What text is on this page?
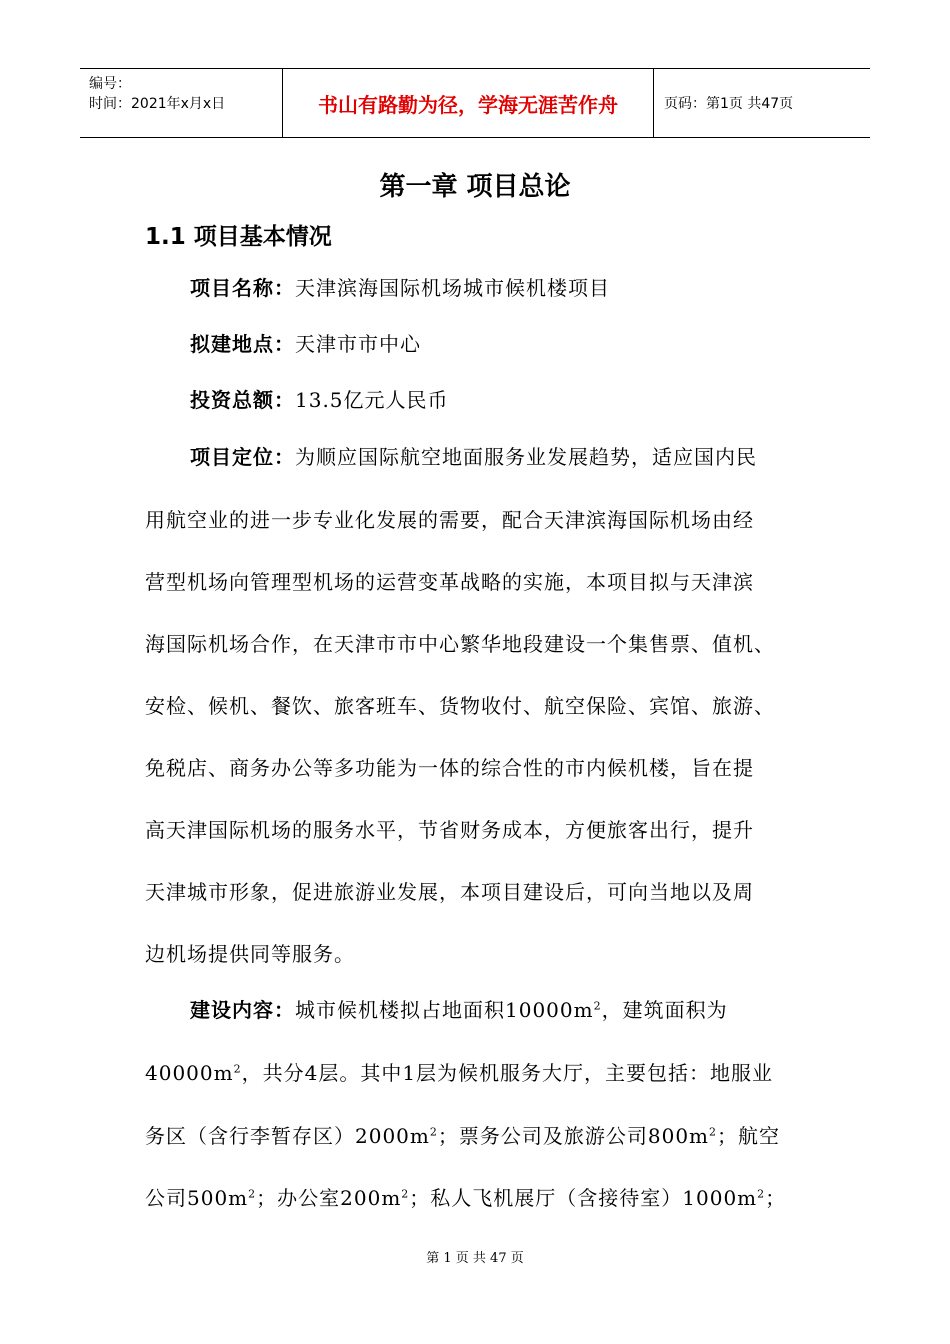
编号：
时间：2021年x月x日	书山有路勤为径，学海无涯苦作舟	页码：第1页 共47页
第一章 项目总论
1.1 项目基本情况
项目名称：天津滨海国际机场城市候机楼项目
拟建地点：天津市市中心
投资总额：13.5亿元人民币
项目定位：为顺应国际航空地面服务业发展趋势，适应国内民
用航空业的进一步专业化发展的需要，配合天津滨海国际机场由经
营型机场向管理型机场的运营变革战略的实施，本项目拟与天津滨
海国际机场合作，在天津市市中心繁华地段建设一个集售票、值机、
安检、候机、餐饮、旅客班车、货物收付、航空保险、宾馆、旅游、
免税店、商务办公等多功能为一体的综合性的市内候机楼，旨在提
高天津国际机场的服务水平，节省财务成本，方便旅客出行，提升
天津城市形象，促进旅游业发展，本项目建设后，可向当地以及周
边机场提供同等服务。
建设内容：城市候机楼拟占地面积$10000m^2$，建筑面积为
$40000m^2$，共分4层。其中1层为候机服务大厅，主要包括：地服业
务区（含行李暂存区）$2000m^2$；票务公司及旅游公司$800m^2$；航空
公司$500m^2$；办公室$200m^2$；私人飞机展厅（含接待室）$1000m^2$；
第 1 页 共 47 页
